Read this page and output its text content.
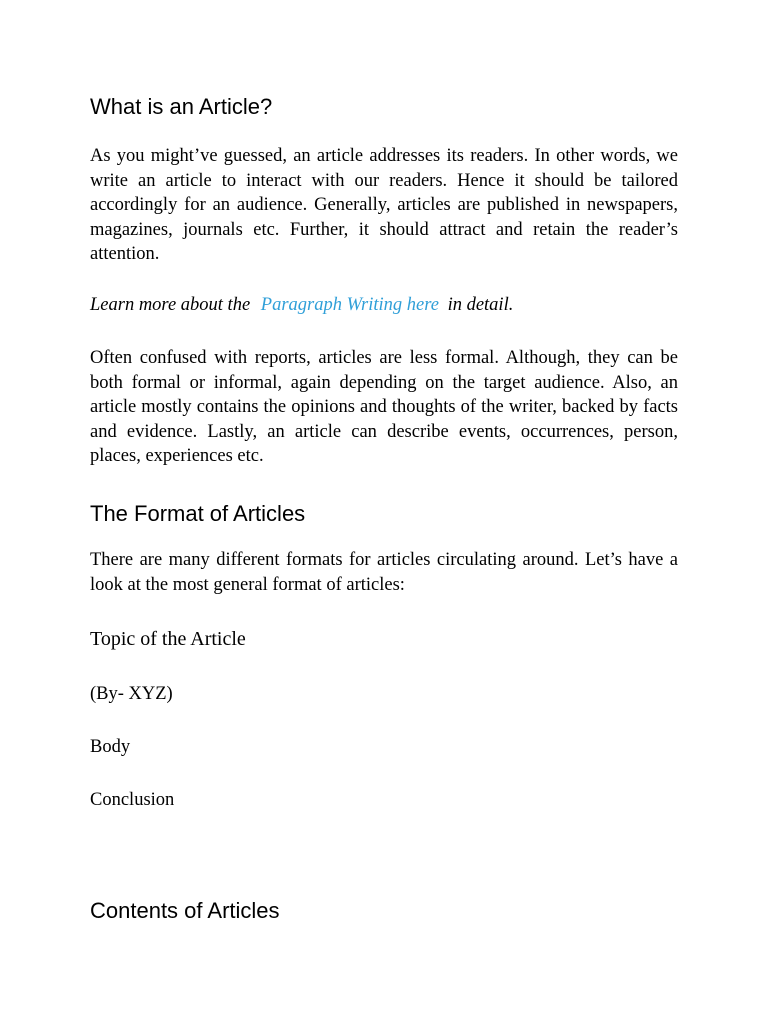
What is an Article?

As you might’ve guessed, an article addresses its readers. In other words, we write an article to interact with our readers. Hence it should be tailored accordingly for an audience. Generally, articles are published in newspapers, magazines, journals etc. Further, it should attract and retain the reader’s attention.

Learn more about the Paragraph Writing here in detail.

Often confused with reports, articles are less formal. Although, they can be both formal or informal, again depending on the target audience. Also, an article mostly contains the opinions and thoughts of the writer, backed by facts and evidence. Lastly, an article can describe events, occurrences, person, places, experiences etc.

The Format of Articles

There are many different formats for articles circulating around. Let’s have a look at the most general format of articles:

Topic of the Article

(By- XYZ)

Body

Conclusion

Contents of Articles
